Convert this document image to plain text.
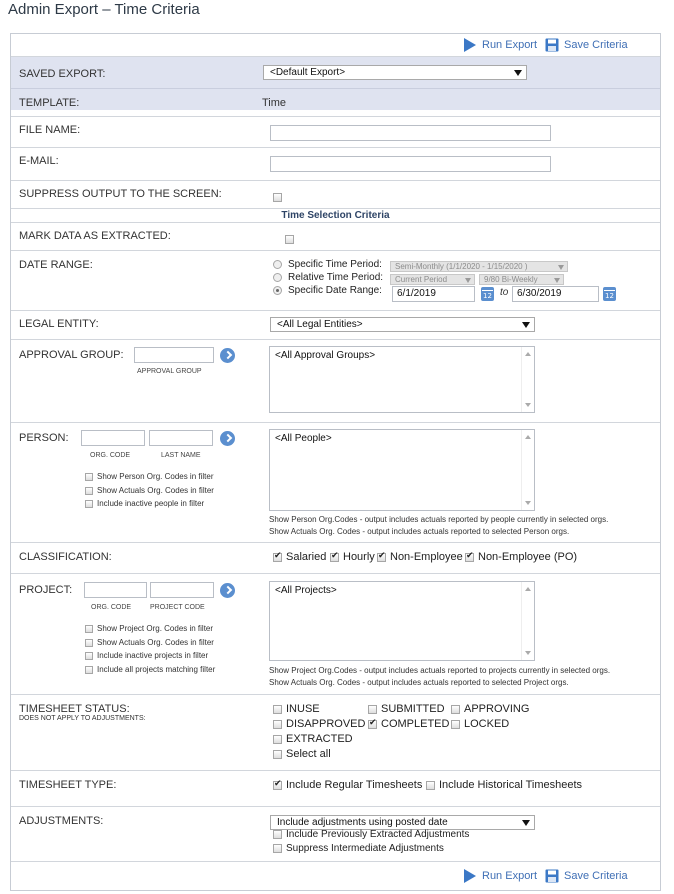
Admin Export – Time Criteria
Run Export Save Criteria
SAVED EXPORT:	<Default Export>
TEMPLATE:	Time
FILE NAME:
E-MAIL:
SUPPRESS OUTPUT TO THE SCREEN:

Time Selection Criteria
MARK DATA AS EXTRACTED:
DATE RANGE:	Specific Time Period:	Semi-Monthly (1/1/2020 - 1/15/2020 )
Relative Time Period:	Current Period	9/80 Bi-Weekly
Specific Date Range:	6/1/2019 12	to 6/30/2019
12
LEGAL ENTITY:	<All Legal Entities>
APPROVAL GROUP:
APPROVAL GROUP
<All Approval Groups>
PERSON:
ORG. CODE	LAST NAME
Show Person Org. Codes in filter
Show Actuals Org. Codes in filter
Include inactive people in filter
<All People>
Show Person Org.Codes - output includes actuals reported by people currently in selected orgs.
Show Actuals Org. Codes - output includes actuals reported to selected Person orgs.
CLASSIFICATION: ✔	Salaried ✔ Hourly ✔ Non-Employee ✔ Non-Employee (PO)
PROJECT:
ORG. CODE	PROJECT CODE
Show Project Org. Codes in filter
Show Actuals Org. Codes in filter
Include inactive projects in filter
Include all projects matching filter
<All Projects>
Show Project Org.Codes - output includes actuals reported to projects currently in selected orgs.
Show Actuals Org. Codes - output includes actuals reported to selected Project orgs.
TIMESHEET STATUS:
DOES NOT APPLY TO ADJUSTMENTS:
INUSE	SUBMITTED APPROVING
DISAPPROVED ✔ COMPLETED LOCKED
EXTRACTED
Select all
TIMESHEET TYPE: ✔	Include Regular Timesheets Include Historical Timesheets
ADJUSTMENTS:	Include adjustments using posted date
Include Previously Extracted Adjustments
Suppress Intermediate Adjustments
Run Export Save Criteria
